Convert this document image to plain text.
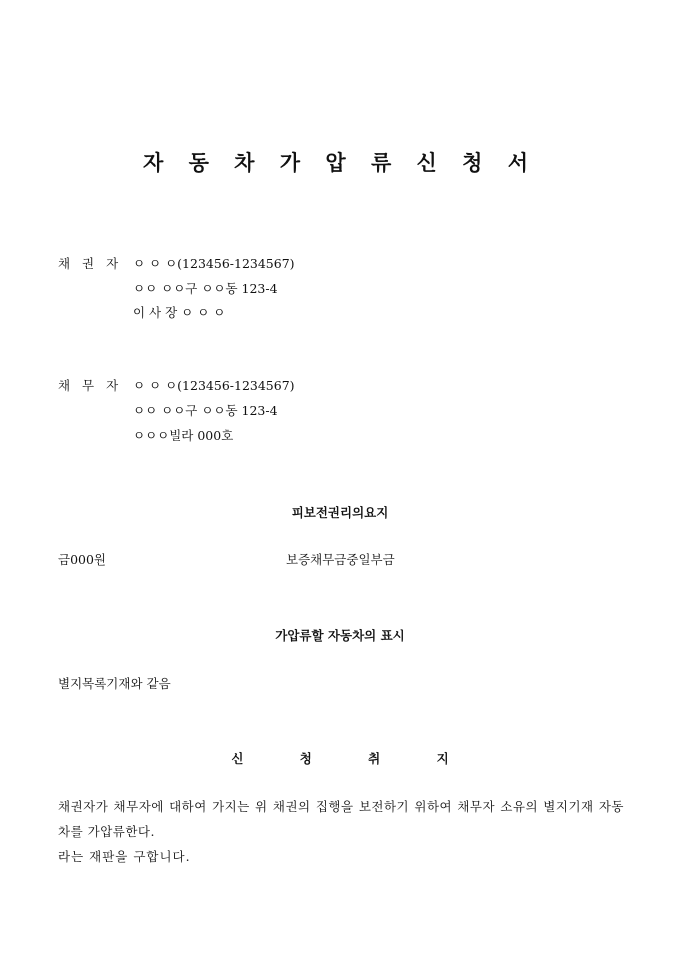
자 동 차 가 압 류 신 청 서
채 권 자 ㅇ ㅇ ㅇ(123456-1234567)
ㅇㅇ ㅇㅇ구 ㅇㅇ동 123-4
이 사 장 ㅇ ㅇ ㅇ
채 무 자 ㅇ ㅇ ㅇ(123456-1234567)
ㅇㅇ ㅇㅇ구 ㅇㅇ동 123-4
ㅇㅇㅇ빌라 000호
피보전권리의요지
금000원	보증채무금중일부금
가압류할 자동차의 표시
별지목록기재와 같음
신 청 취 지
채권자가 채무자에 대하여 가지는 위 채권의 집행을 보전하기 위하여 채무자 소유의 별지기재 자동차를 가압류한다.
라는 재판을 구합니다.
